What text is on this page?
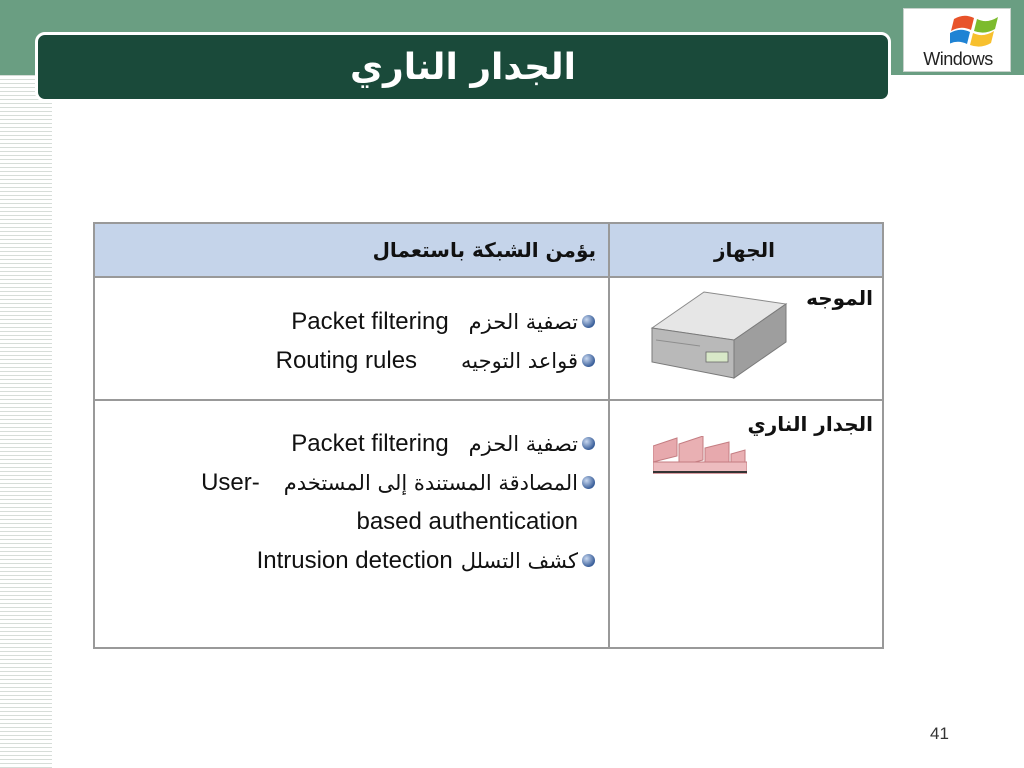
الجدار الناري	Windows
الجهاز
يؤمن الشبكة باستعمال
الموجه
تصفية الحزم
Packet filtering
قواعد التوجيه
Routing rules
الجدار الناري
تصفية الحزم
Packet filtering
المصادقة المستندة إلى المستخدم
User-
based authentication
كشف التسلل
Intrusion detection
41
